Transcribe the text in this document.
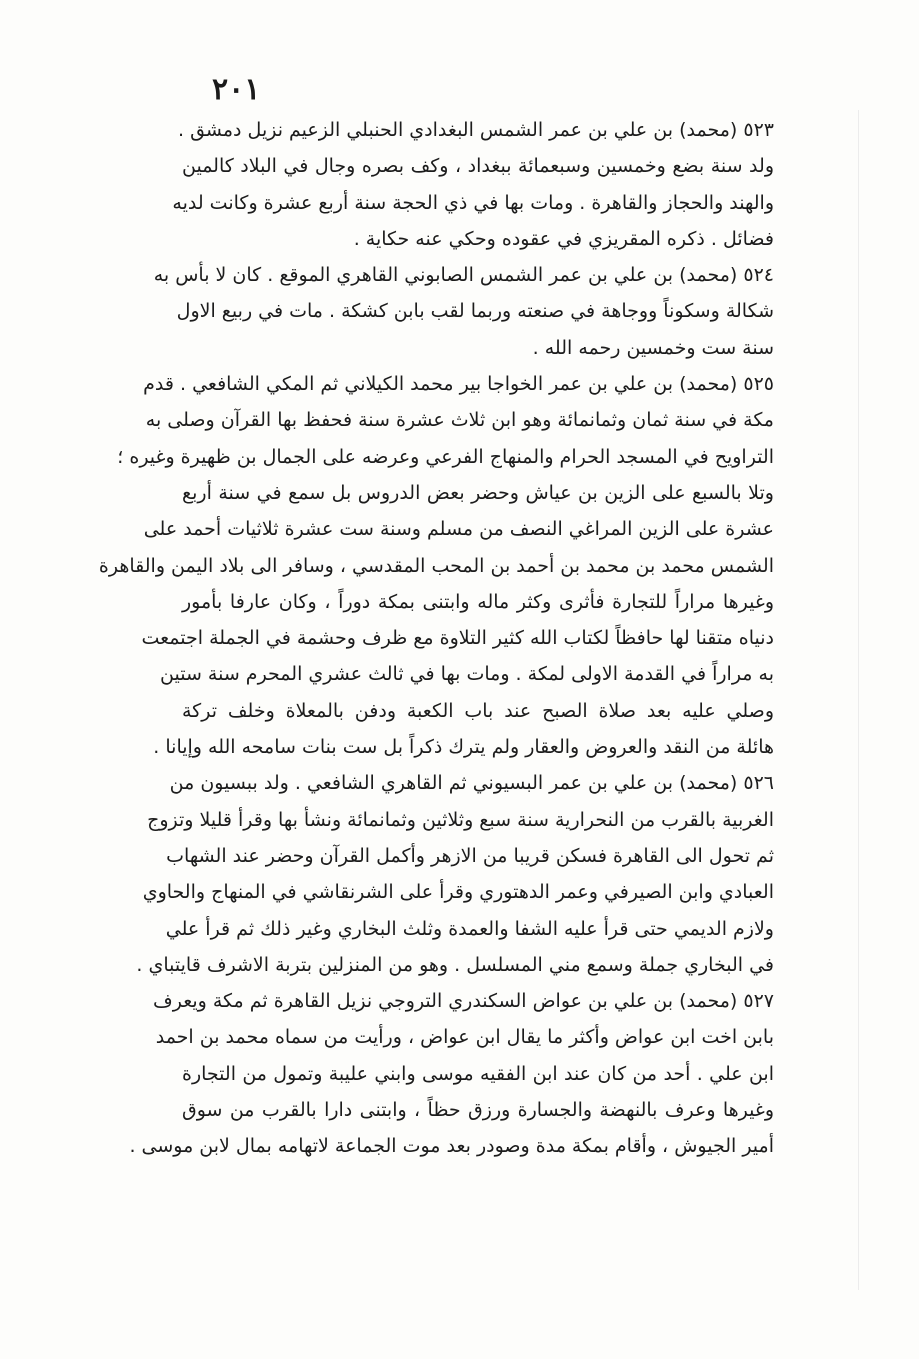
٢٠١
٥٢٣ (محمد) بن علي بن عمر الشمس البغدادي الحنبلي الزعيم نزيل دمشق .
ولد سنة بضع وخمسين وسبعمائة ببغداد ، وكف بصره وجال في البلاد كالمين
والهند والحجاز والقاهرة . ومات بها في ذي الحجة سنة أربع عشرة وكانت لديه
فضائل . ذكره المقريزي في عقوده وحكي عنه حكاية .
٥٢٤ (محمد) بن علي بن عمر الشمس الصابوني القاهري الموقع . كان لا بأس به
شكالة وسكوناً ووجاهة في صنعته وربما لقب بابن كشكة . مات في ربيع الاول
سنة ست وخمسين رحمه الله .
٥٢٥ (محمد) بن علي بن عمر الخواجا بير محمد الكيلاني ثم المكي الشافعي . قدم
مكة في سنة ثمان وثمانمائة وهو ابن ثلاث عشرة سنة فحفظ بها القرآن وصلى به
التراويح في المسجد الحرام والمنهاج الفرعي وعرضه على الجمال بن ظهيرة وغيره ؛
وتلا بالسبع على الزين بن عياش وحضر بعض الدروس بل سمع في سنة أربع
عشرة على الزين المراغي النصف من مسلم وسنة ست عشرة ثلاثيات أحمد على
الشمس محمد بن محمد بن أحمد بن المحب المقدسي ، وسافر الى بلاد اليمن والقاهرة
وغيرها مراراً للتجارة فأثرى وكثر ماله وابتنى بمكة دوراً ، وكان عارفا بأمور
دنياه متقنا لها حافظاً لكتاب الله كثير التلاوة مع ظرف وحشمة في الجملة اجتمعت
به مراراً في القدمة الاولى لمكة . ومات بها في ثالث عشري المحرم سنة ستين
وصلي عليه بعد صلاة الصبح عند باب الكعبة ودفن بالمعلاة وخلف تركة
هائلة من النقد والعروض والعقار ولم يترك ذكراً بل ست بنات سامحه الله وإيانا .
٥٢٦ (محمد) بن علي بن عمر البسيوني ثم القاهري الشافعي . ولد ببسيون من
الغربية بالقرب من النحرارية سنة سبع وثلاثين وثمانمائة ونشأ بها وقرأ قليلا وتزوج
ثم تحول الى القاهرة فسكن قريبا من الازهر وأكمل القرآن وحضر عند الشهاب
العبادي وابن الصيرفي وعمر الدهتوري وقرأ على الشرنقاشي في المنهاج والحاوي
ولازم الديمي حتى قرأ عليه الشفا والعمدة وثلث البخاري وغير ذلك ثم قرأ علي
في البخاري جملة وسمع مني المسلسل . وهو من المنزلين بتربة الاشرف قايتباي .
٥٢٧ (محمد) بن علي بن عواض السكندري التروجي نزيل القاهرة ثم مكة ويعرف
بابن اخت ابن عواض وأكثر ما يقال ابن عواض ، ورأيت من سماه محمد بن احمد
ابن علي . أحد من كان عند ابن الفقيه موسى وابني عليبة وتمول من التجارة
وغيرها وعرف بالنهضة والجسارة ورزق حظاً ، وابتنى دارا بالقرب من سوق
أمير الجيوش ، وأقام بمكة مدة وصودر بعد موت الجماعة لاتهامه بمال لابن موسى .
